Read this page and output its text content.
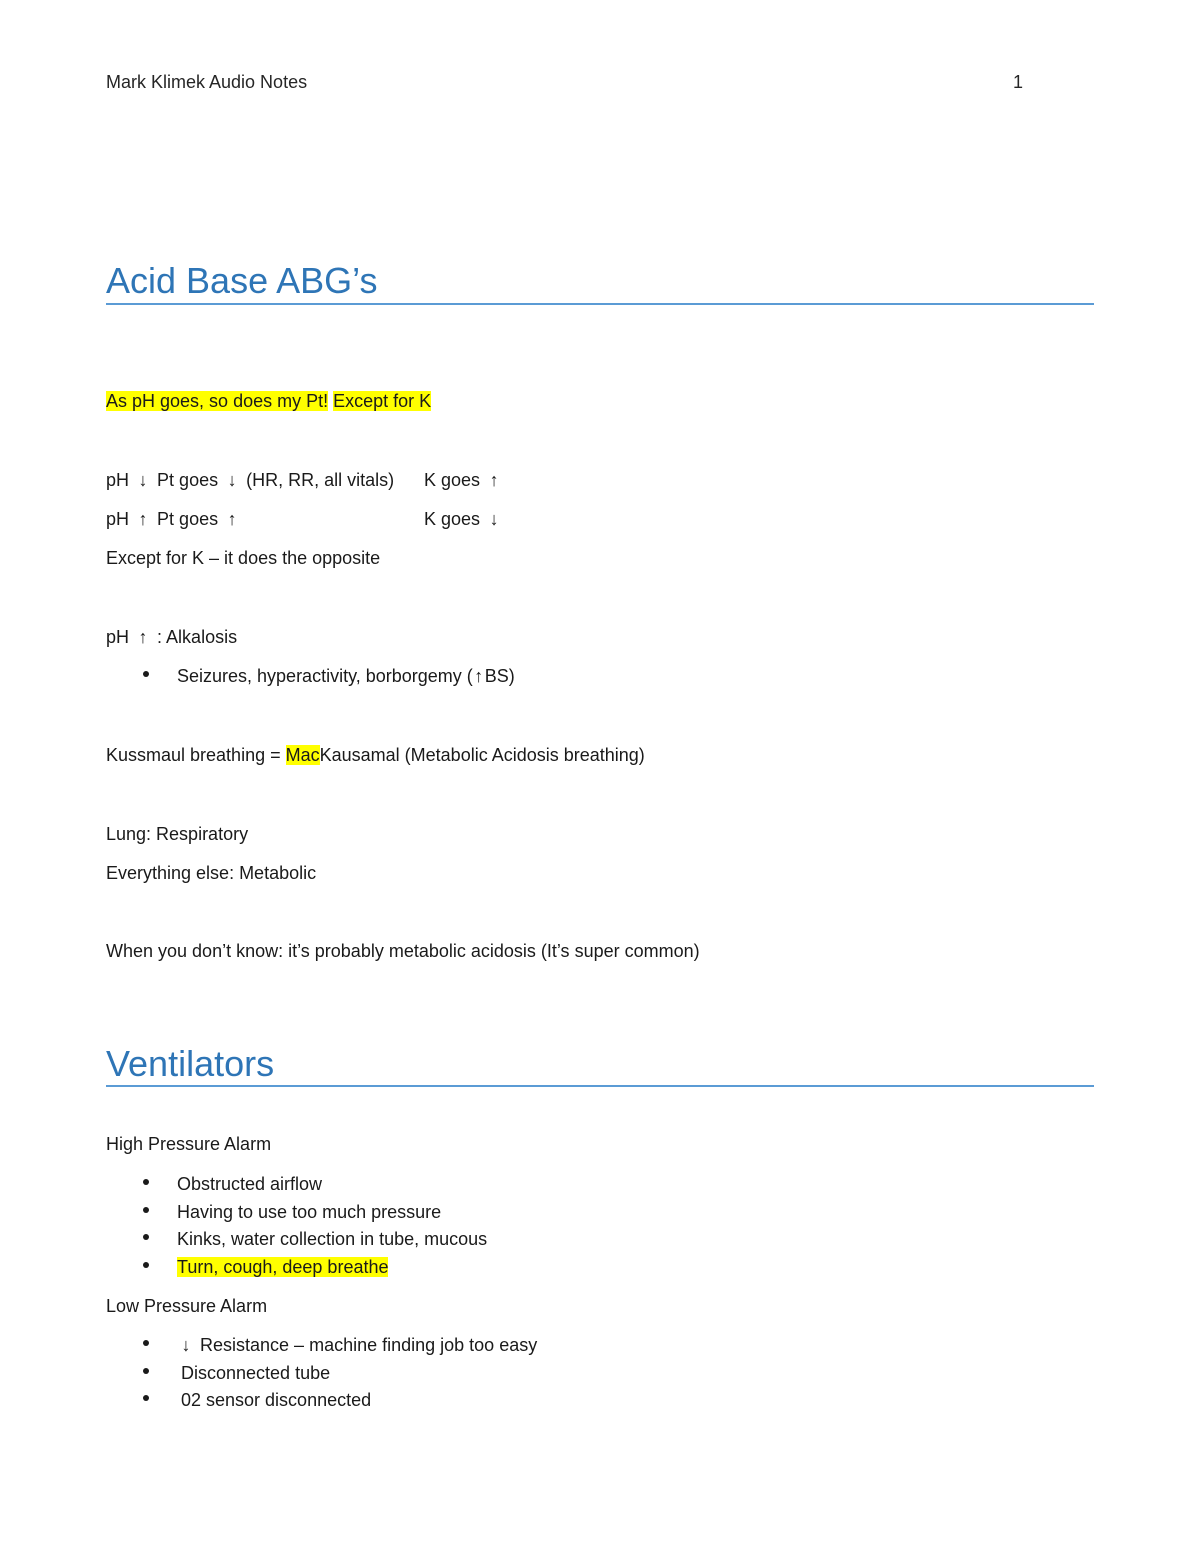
Mark Klimek Audio Notes	1
Acid Base ABG’s
As pH goes, so does my Pt! Except for K
pH ↓ Pt goes ↓ (HR, RR, all vitals) K goes ↑
pH ↑ Pt goes ↑	K goes ↓
Except for K – it does the opposite
pH ↑ : Alkalosis
Seizures, hyperactivity, borborgemy (↑BS)
Kussmaul breathing = MacKausamal (Metabolic Acidosis breathing)
Lung: Respiratory
Everything else: Metabolic
When you don’t know: it’s probably metabolic acidosis (It’s super common)
Ventilators
High Pressure Alarm
Obstructed airflow
Having to use too much pressure
Kinks, water collection in tube, mucous
Turn, cough, deep breathe
Low Pressure Alarm
↓ Resistance – machine finding job too easy
Disconnected tube
02 sensor disconnected
